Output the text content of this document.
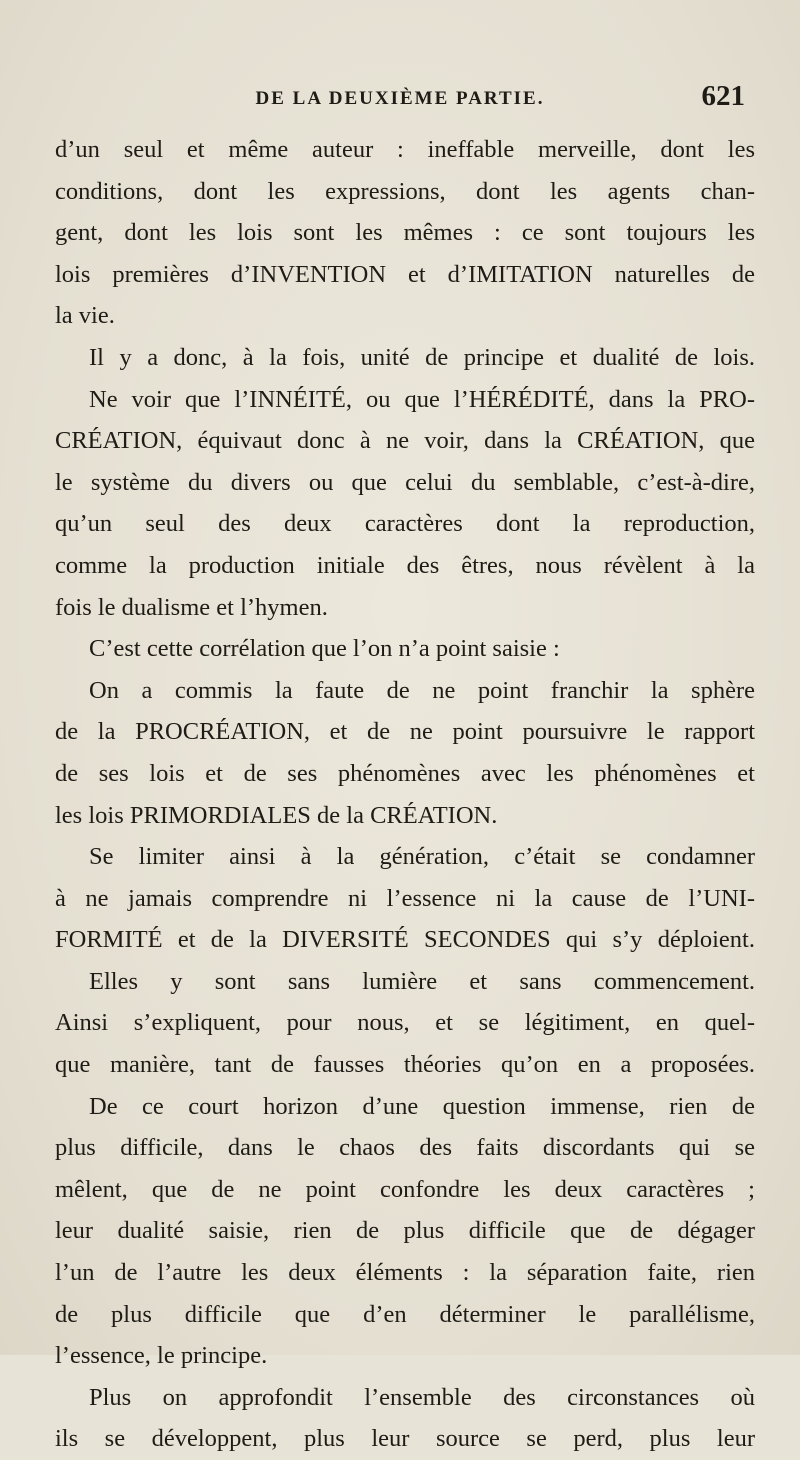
DE LA DEUXIÈME PARTIE.	621
d’un seul et même auteur : ineffable merveille, dont les
conditions, dont les expressions, dont les agents chan-
gent, dont les lois sont les mêmes : ce sont toujours les
lois premières d’INVENTION et d’IMITATION naturelles de
la vie.
Il y a donc, à la fois, unité de principe et dualité de lois.
Ne voir que l’INNÉITÉ, ou que l’HÉRÉDITÉ, dans la PRO-
CRÉATION, équivaut donc à ne voir, dans la CRÉATION, que
le système du divers ou que celui du semblable, c’est-à-dire,
qu’un seul des deux caractères dont la reproduction,
comme la production initiale des êtres, nous révèlent à la
fois le dualisme et l’hymen.
C’est cette corrélation que l’on n’a point saisie :
On a commis la faute de ne point franchir la sphère
de la PROCRÉATION, et de ne point poursuivre le rapport
de ses lois et de ses phénomènes avec les phénomènes et
les lois PRIMORDIALES de la CRÉATION.
Se limiter ainsi à la génération, c’était se condamner
à ne jamais comprendre ni l’essence ni la cause de l’UNI-
FORMITÉ et de la DIVERSITÉ SECONDES qui s’y déploient.
Elles y sont sans lumière et sans commencement.
Ainsi s’expliquent, pour nous, et se légitiment, en quel-
que manière, tant de fausses théories qu’on en a proposées.
De ce court horizon d’une question immense, rien de
plus difficile, dans le chaos des faits discordants qui se
mêlent, que de ne point confondre les deux caractères ;
leur dualité saisie, rien de plus difficile que de dégager
l’un de l’autre les deux éléments : la séparation faite, rien
de plus difficile que d’en déterminer le parallélisme,
l’essence, le principe.
Plus on approfondit l’ensemble des circonstances où
ils se développent, plus leur source se perd, plus leur
